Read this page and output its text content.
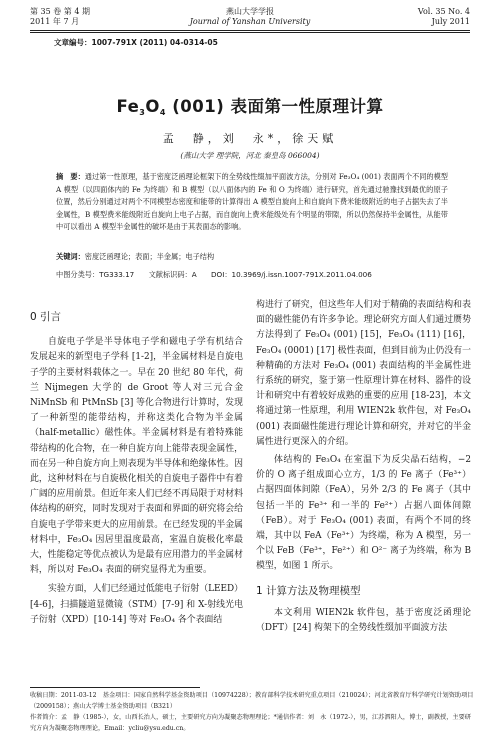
第 35 卷 第 4 期
2011 年 7 月
燕山大学学报
Journal of Yanshan University
Vol. 35 No. 4
July 2011
文章编号：1007-791X (2011) 04-0314-05
$Fe_3O_4$ (001) 表面第一性原理计算
孟　静，刘　永*，徐天赋
(燕山大学 理学院，河北 秦皇岛 066004)
摘　要：通过第一性原理，基于密度泛函理论框架下的全势线性缀加平面波方法，分别对 Fe₃O₄ (001) 表面两个不同的模型 A 模型（以四面体内的 Fe 为终端）和 B 模型（以八面体内的 Fe 和 O 为终端）进行研究，首先通过驰豫找到最优的原子位置，然后分别通过对两个不同模型态密度和能带的计算得出 A 模型自旋向上和自旋向下费米能级附近的电子占据失去了半金属性，B 模型费米能级附近自旋向上电子占据，而自旋向上费米能级处有个明显的带隙，所以仍然保持半金属性，从能带中可以看出 A 模型半金属性的破坏是由于其表面态的影响。
关键词：密度泛函理论；表面；半金属；电子结构
中图分类号：TG333.17　　文献标识码：A　　DOI：10.3969/j.issn.1007-791X.2011.04.006
0 引言

自旋电子学是半导体电子学和磁电子学有机结合发展起来的新型电子学科 [1-2]，半金属材料是自旋电子学的主要材料载体之一。早在 20 世纪 80 年代，荷兰 Nijmegen 大学的 de Groot 等人对三元合金 NiMnSb 和 PtMnSb [3] 等化合物进行计算时，发现了一种新型的能带结构，并称这类化合物为半金属（half-metallic）磁性体。半金属材料是有着特殊能带结构的化合物，在一种自旋方向上能带表现金属性，而在另一种自旋方向上则表现为半导体和绝缘体性。因此，这种材料在与自旋极化相关的自旋电子器件中有着广阔的应用前景。但近年来人们已经不再局限于对材料体结构的研究，同时发现对于表面和界面的研究将会给自旋电子学带来更大的应用前景。在已经发现的半金属材料中，Fe₃O₄ 因居里温度最高，室温自旋极化率最大，性能稳定等优点被认为是最有应用潜力的半金属材料，所以对 Fe₃O₄ 表面的研究显得尤为重要。

实验方面，人们已经通过低能电子衍射（LEED）[4-6]，扫描隧道显微镜（STM）[7-9] 和 X-射线光电子衍射（XPD）[10-14] 等对 Fe₃O₄ 各个表面结

构进行了研究，但这些年人们对于精确的表面结构和表面的磁性能仍有许多争论。理论研究方面人们通过赝势方法得到了 Fe₃O₄ (001) [15]，Fe₃O₄ (111) [16]，Fe₃O₄ (0001) [17] 极性表面，但到目前为止仍没有一种精确的方法对 Fe₃O₄ (001) 表面结构的半金属性进行系统的研究，鉴于第一性原理计算在材料、器件的设计和研究中有着较好成熟的重要的应用 [18-23]，本文将通过第一性原理，利用 WIEN2k 软件包，对 Fe₃O₄ (001) 表面磁性能进行理论计算和研究，并对它的半金属性进行更深入的介绍。

体结构的 Fe₃O₄ 在室温下为反尖晶石结构，−2 价的 O 离子组成面心立方，1/3 的 Fe 离子（Fe³⁺）占据四面体间隙（FeA），另外 2/3 的 Fe 离子（其中包括一半的 Fe³⁺ 和一半的 Fe²⁺）占据八面体间隙（FeB）。对于 Fe₃O₄ (001) 表面，有两个不同的终端，其中以 FeA（Fe³⁺）为终端，称为 A 模型，另一个以 FeB（Fe³⁺，Fe²⁺）和 O²⁻ 离子为终端，称为 B 模型，如图 1 所示。

1 计算方法及物理模型

本文利用 WIEN2k 软件包，基于密度泛函理论（DFT）[24] 构架下的全势线性缀加平面波方法

收稿日期：2011-03-12　基金项目：国家自然科学基金资助项目（10974228）；教育部科学技术研究重点项目（210024）；河北省教育厅科学研究计划资助项目（2009158）；燕山大学博士基金资助项目（B321）
作者简介：孟　静（1985-），女，山西长治人，硕士，主要研究方向为凝聚态物理理论；*通信作者：刘　永（1972-），男，江苏泗阳人，博士，副教授，主要研究方向为凝聚态物理理论，Email：ycliu@ysu.edu.cn。
